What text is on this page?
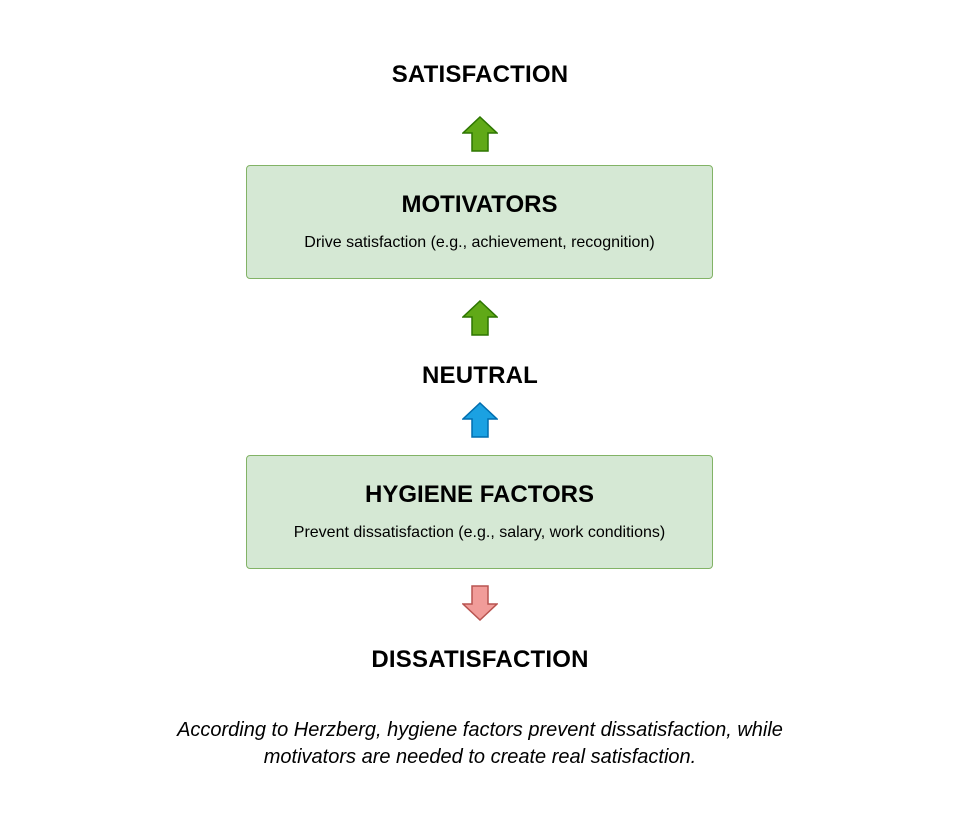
SATISFACTION
MOTIVATORS
Drive satisfaction (e.g., achievement, recognition)
NEUTRAL
HYGIENE FACTORS
Prevent dissatisfaction (e.g., salary, work conditions)
DISSATISFACTION
According to Herzberg, hygiene factors prevent dissatisfaction, while
motivators are needed to create real satisfaction.
